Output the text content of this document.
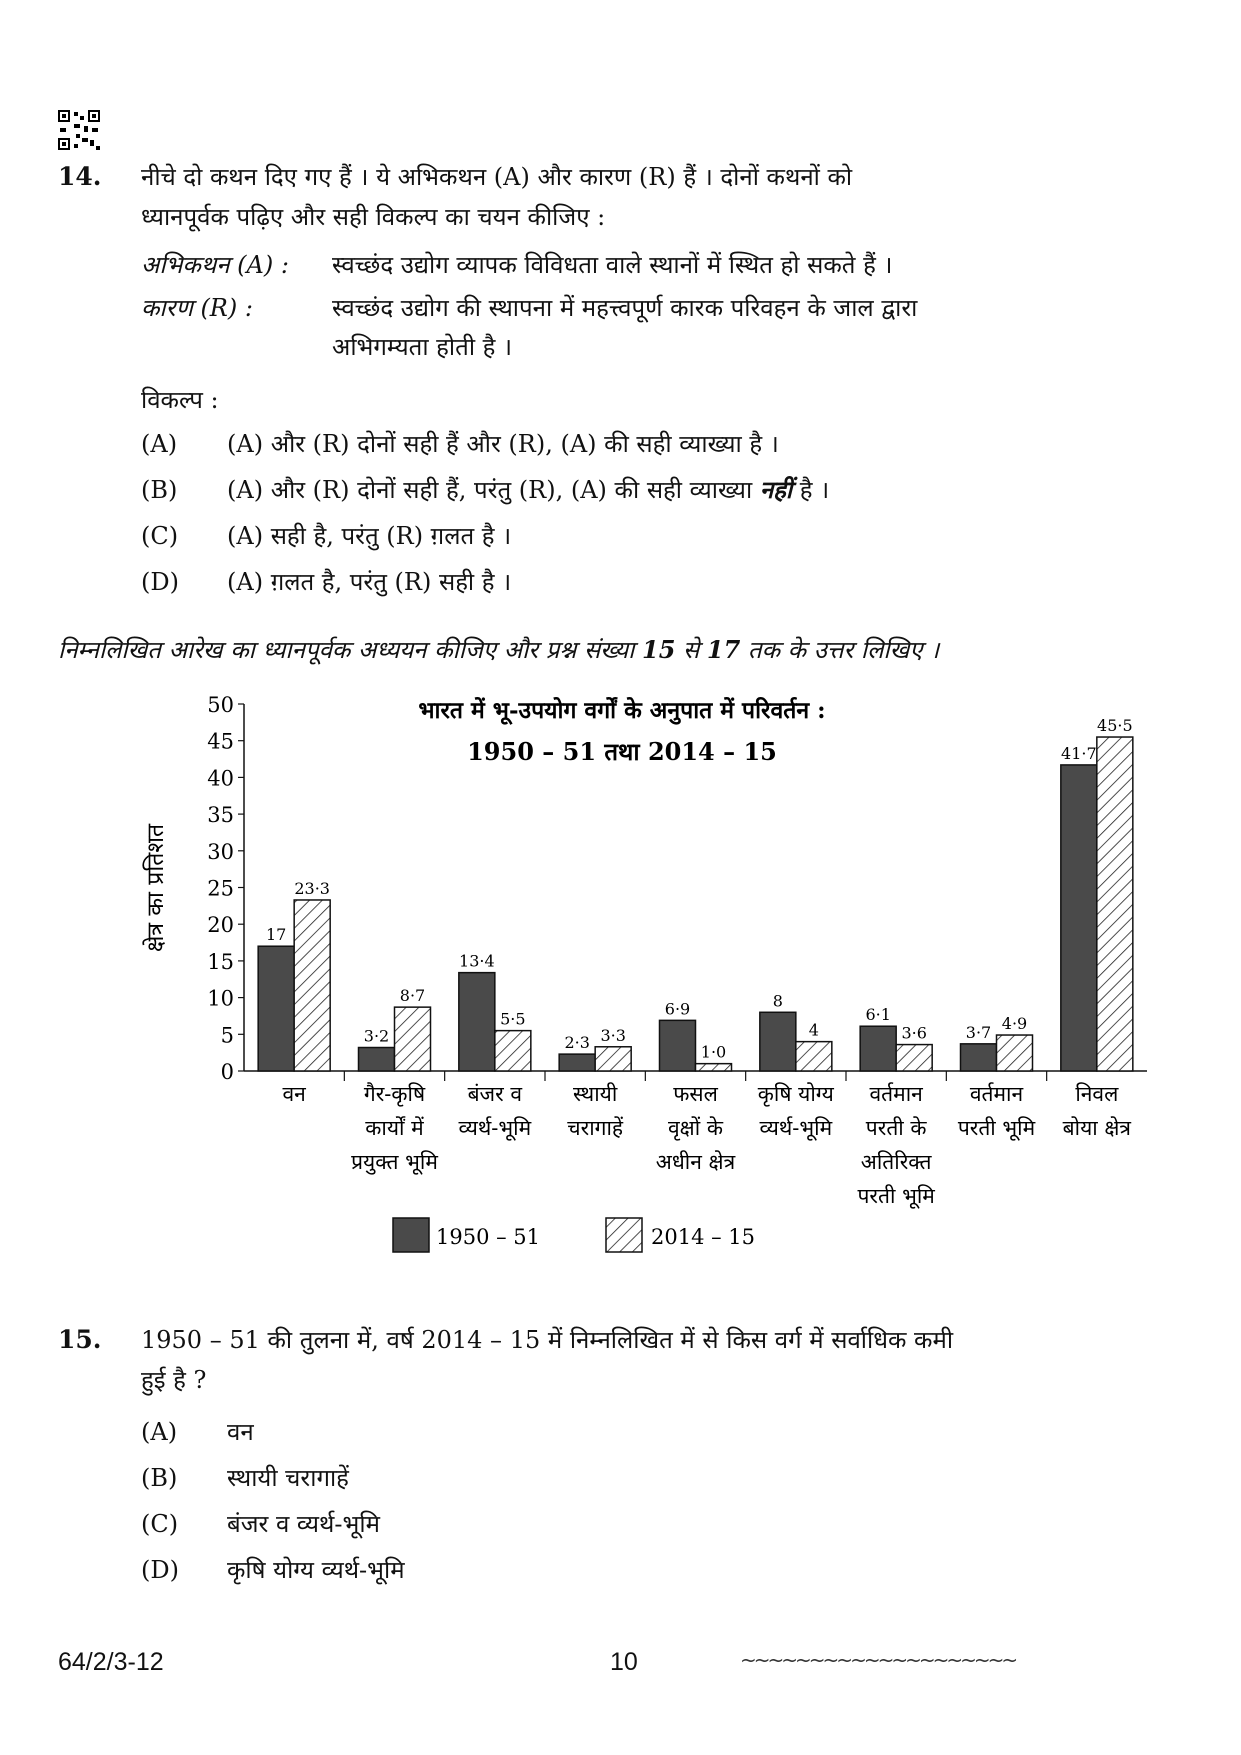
14. नीचे दो कथन दिए गए हैं । ये अभिकथन (A) और कारण (R) हैं । दोनों कथनों को
ध्यानपूर्वक पढ़िए और सही विकल्प का चयन कीजिए :
अभिकथन (A) : स्वच्छंद उद्योग व्यापक विविधता वाले स्थानों में स्थित हो सकते हैं ।
कारण (R) :	स्वच्छंद उद्योग की स्थापना में महत्त्वपूर्ण कारक परिवहन के जाल द्वारा
अभिगम्यता होती है ।
विकल्प :
(A) (A) और (R) दोनों सही हैं और (R), (A) की सही व्याख्या है ।
(B) (A) और (R) दोनों सही हैं, परंतु (R), (A) की सही व्याख्या नहीं है ।
(C) (A) सही है, परंतु (R) ग़लत है ।
(D) (A) ग़लत है, परंतु (R) सही है ।
निम्नलिखित आरेख का ध्यानपूर्वक अध्ययन कीजिए और प्रश्न संख्या 15 से 17 तक के उत्तर लिखिए ।
भारत में भू-उपयोग वर्गों के अनुपात में परिवर्तन :
1950 – 51 तथा 2014 – 15
क्षेत्र का प्रतिशत
0
5
10
15
20
25
30
35
40
45
50
17
23·3
वन
3·2
8·7
गैर-कृषि
कार्यों में
प्रयुक्त भूमि
13·4
5·5
बंजर व
व्यर्थ-भूमि
2·3 3·3
स्थायी
चरागाहें
6·9
1·0
फसल
वृक्षों के
अधीन क्षेत्र
8
4
कृषि योग्य
व्यर्थ-भूमि
6·1
3·6
वर्तमान
परती के
अतिरिक्त
परती भूमि
3·7 4·9
वर्तमान
परती भूमि
41·7
45·5
निवल
बोया क्षेत्र
1950 – 51	2014 – 15
15. 1950 – 51 की तुलना में, वर्ष 2014 – 15 में निम्नलिखित में से किस वर्ग में सर्वाधिक कमी
हुई है ?
(A) वन
(B) स्थायी चरागाहें
(C) बंजर व व्यर्थ-भूमि
(D) कृषि योग्य व्यर्थ-भूमि
64/2/3-12	10	~~~~~~~~~~~~~~~~~~~~
